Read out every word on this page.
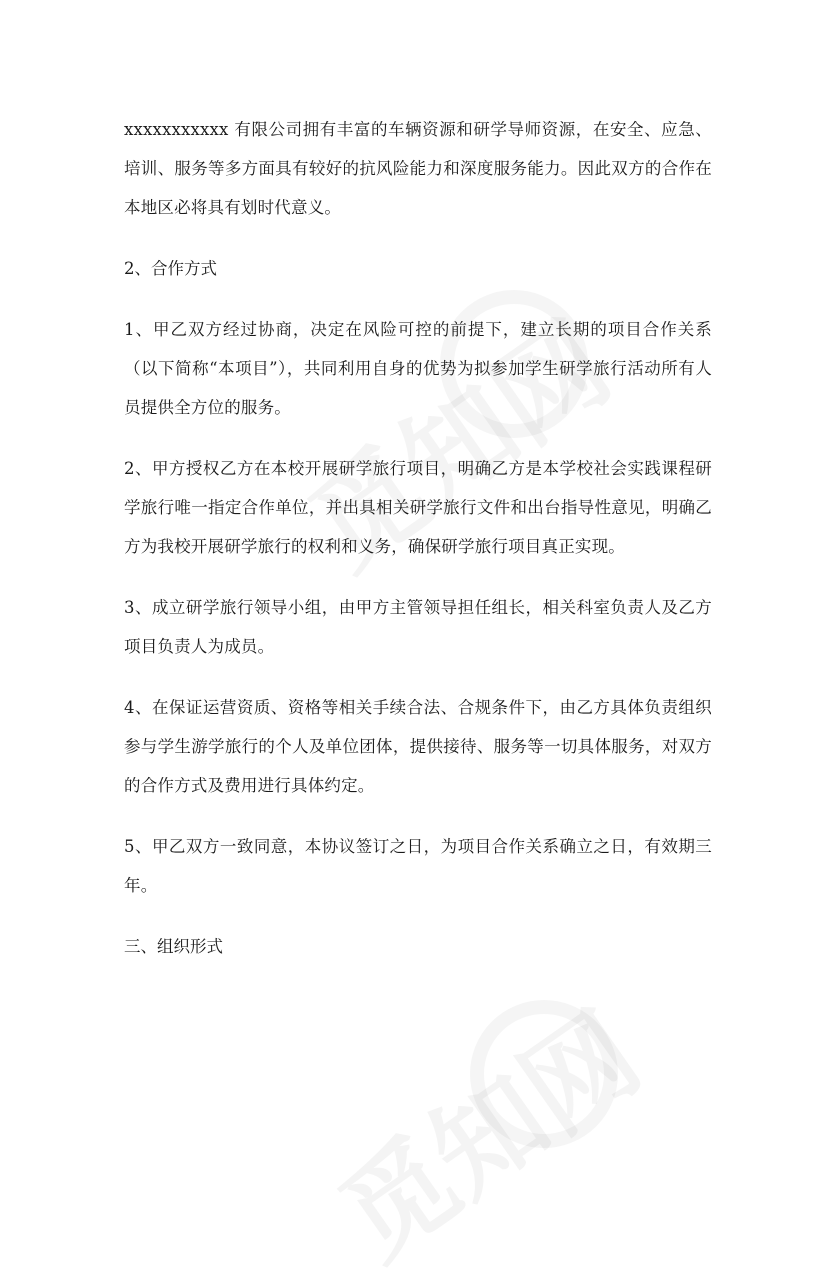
xxxxxxxxxxx 有限公司拥有丰富的车辆资源和研学导师资源，在安全、应急、培训、服务等多方面具有较好的抗风险能力和深度服务能力。因此双方的合作在本地区必将具有划时代意义。

2、合作方式

1、甲乙双方经过协商，决定在风险可控的前提下，建立长期的项目合作关系（以下简称“本项目”），共同利用自身的优势为拟参加学生研学旅行活动所有人员提供全方位的服务。

2、甲方授权乙方在本校开展研学旅行项目，明确乙方是本学校社会实践课程研学旅行唯一指定合作单位，并出具相关研学旅行文件和出台指导性意见，明确乙方为我校开展研学旅行的权利和义务，确保研学旅行项目真正实现。

3、成立研学旅行领导小组，由甲方主管领导担任组长，相关科室负责人及乙方项目负责人为成员。

4、在保证运营资质、资格等相关手续合法、合规条件下，由乙方具体负责组织参与学生游学旅行的个人及单位团体，提供接待、服务等一切具体服务，对双方的合作方式及费用进行具体约定。

5、甲乙双方一致同意，本协议签订之日，为项目合作关系确立之日，有效期三年。

三、组织形式
